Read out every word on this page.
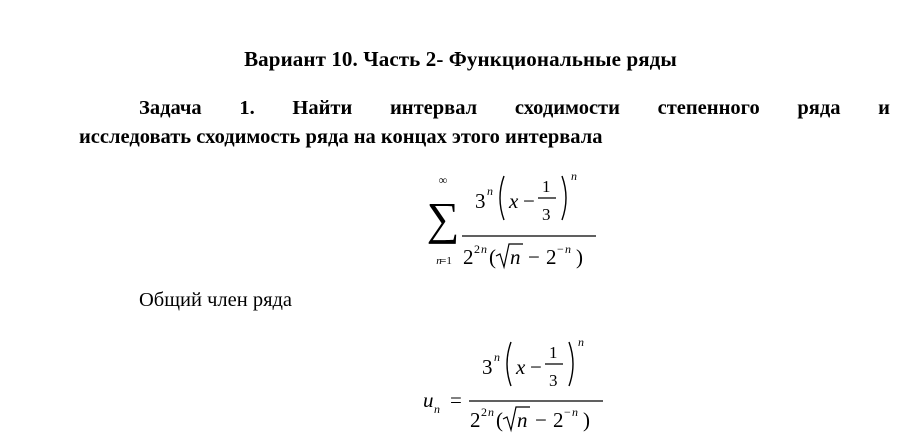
Вариант 10. Часть 2- Функциональные ряды
Задача 1. Найти интервал сходимости степенного ряда и
исследовать сходимость ряда на концах этого интервала
∞
∑
n
=1
3 n x −
1
3
n
2 2 n ( n − 2 − n )
Общий член ряда
u n =
3 n x −
1
3
n
2 2 n ( n − 2 − n )
